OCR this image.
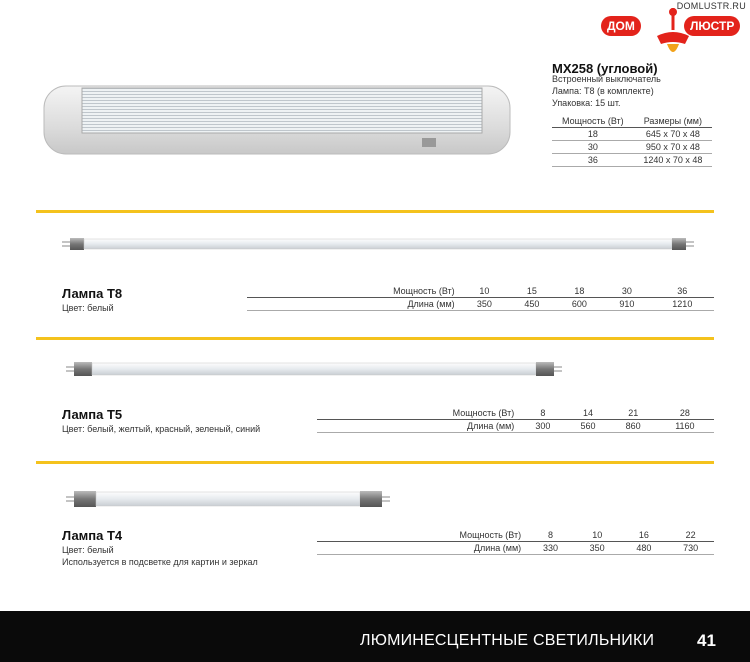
DOMLUSTR.RU
ДОМ	ЛЮСТР
MX258 (угловой)
Встроенный выключатель
Лампа: Т8 (в комплекте)
Упаковка: 15 шт.
Мощность (Вт)	Размеры (мм)
18	645 x 70 x 48
30	950 x 70 x 48
36	1240 x 70 x 48
Лампа Т8
Цвет: белый
Мощность (Вт)	10	15	18	30	36
Длина (мм)	350	450	600	910	1210
Лампа Т5
Цвет: белый, желтый, красный, зеленый, синий
Мощность (Вт)	8	14	21	28
Длина (мм)	300	560	860	1160
Лампа Т4
Цвет: белый
Используется в подсветке для картин и зеркал
Мощность (Вт)	8	10	16	22
Длина (мм)	330	350	480	730
ЛЮМИНЕСЦЕНТНЫЕ СВЕТИЛЬНИКИ	41
